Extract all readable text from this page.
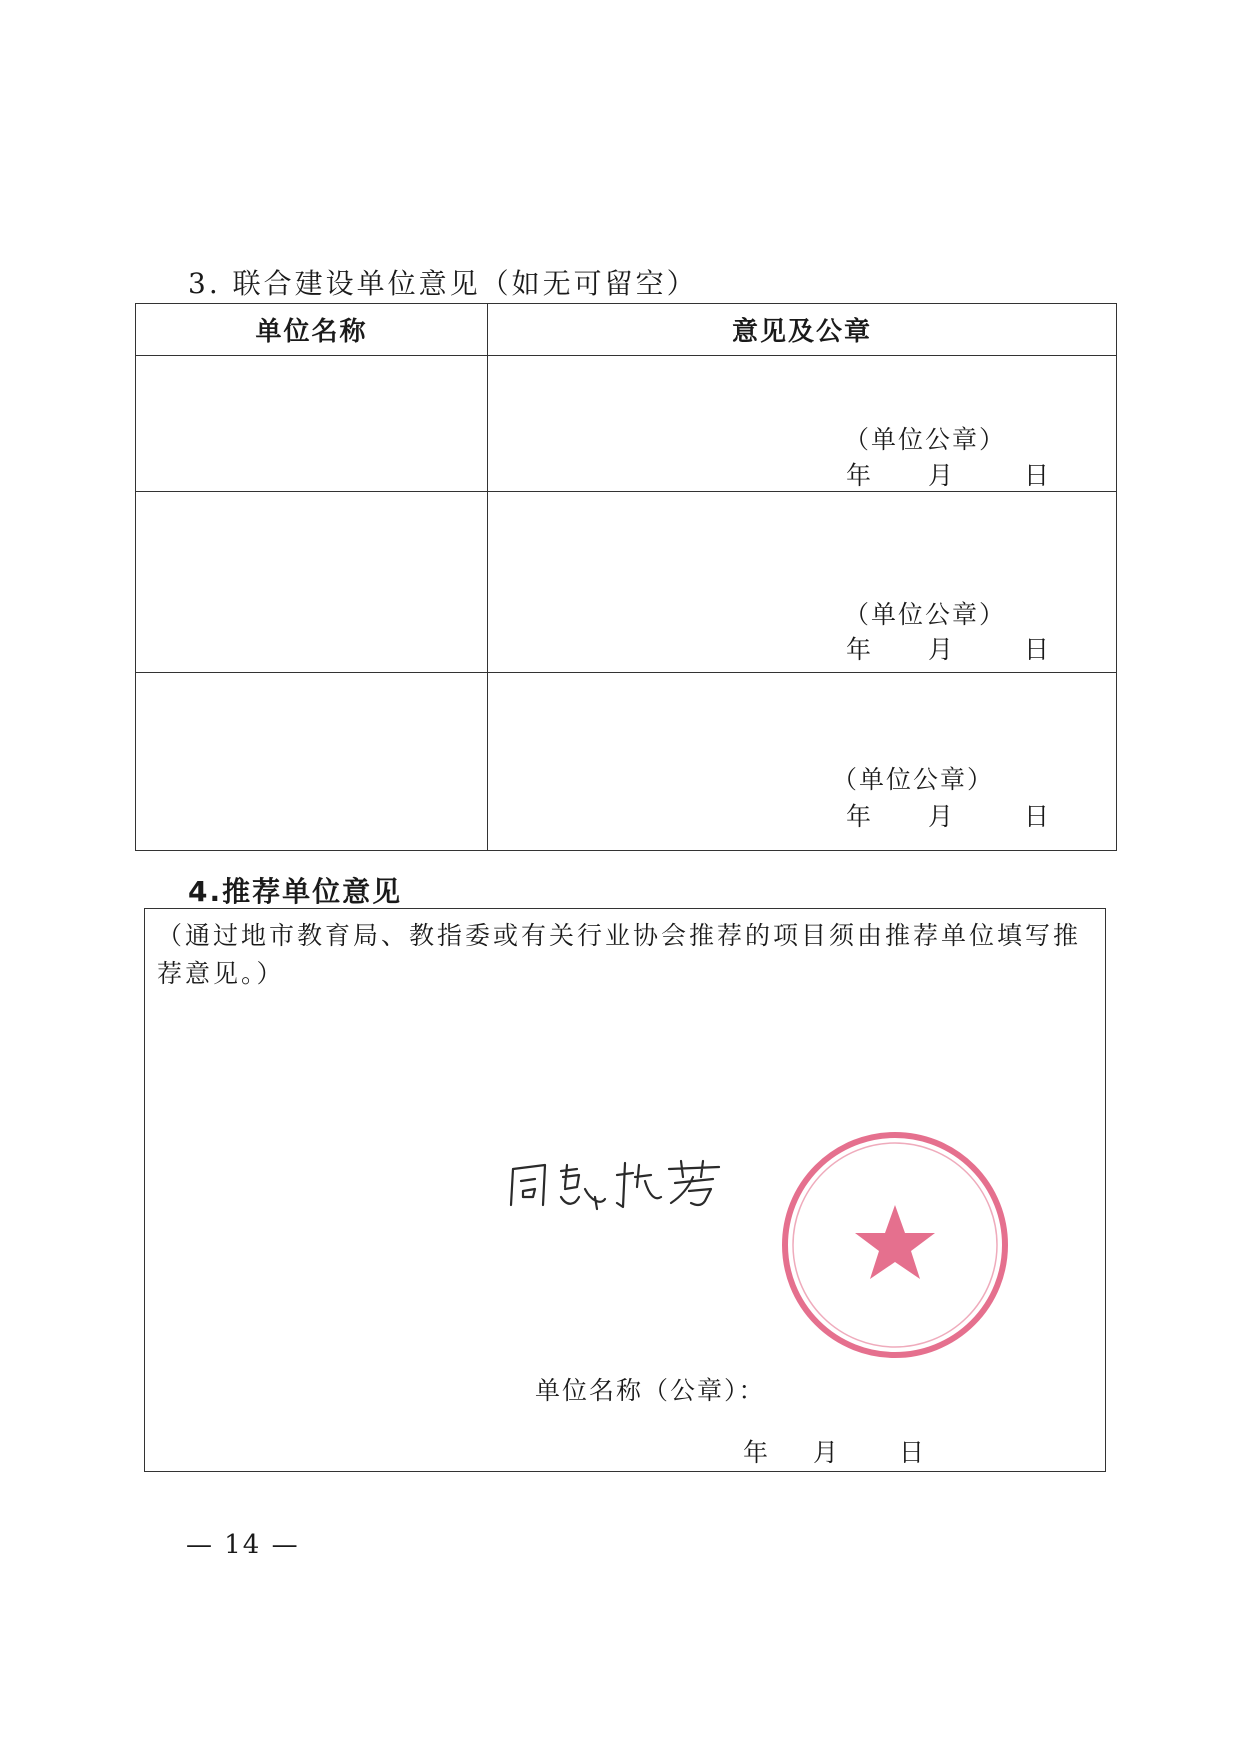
3. 联合建设单位意见（如无可留空）
单位名称	意见及公章

	（单位公章）
年 月 日

	（单位公章）
年 月 日

	（单位公章）
年 月 日
4.推荐单位意见
（通过地市教育局、教指委或有关行业协会推荐的项目须由推荐单位填写推荐意见。）
单位名称（公章）：
年 月 日
— 14 —
